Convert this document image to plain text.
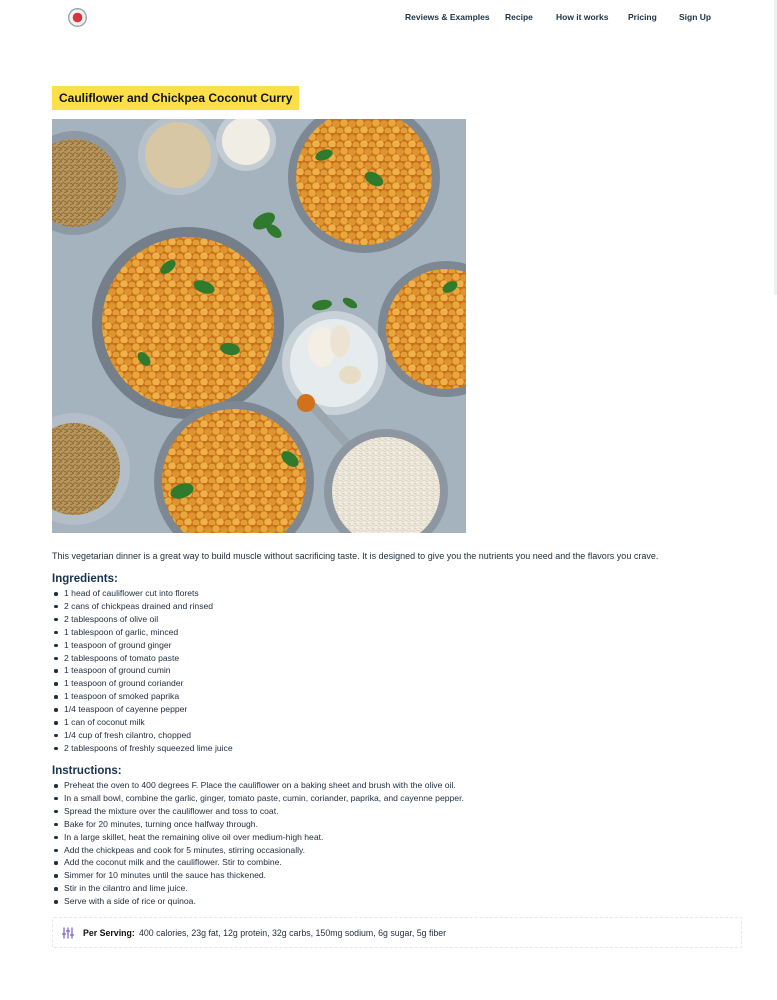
Reviews & Examples Recipe	How it works Pricing	Sign Up
Cauliflower and Chickpea Coconut Curry

This vegetarian dinner is a great way to build muscle without sacrificing taste. It is designed to give you the nutrients you need and the flavors you crave.

Ingredients:
1 head of cauliflower cut into florets
2 cans of chickpeas drained and rinsed
2 tablespoons of olive oil
1 tablespoon of garlic, minced
1 teaspoon of ground ginger
2 tablespoons of tomato paste
1 teaspoon of ground cumin
1 teaspoon of ground coriander
1 teaspoon of smoked paprika
1/4 teaspoon of cayenne pepper
1 can of coconut milk
1/4 cup of fresh cilantro, chopped
2 tablespoons of freshly squeezed lime juice
Instructions:
Preheat the oven to 400 degrees F. Place the cauliflower on a baking sheet and brush with the olive oil.
In a small bowl, combine the garlic, ginger, tomato paste, cumin, coriander, paprika, and cayenne pepper.
Spread the mixture over the cauliflower and toss to coat.
Bake for 20 minutes, turning once halfway through.
In a large skillet, heat the remaining olive oil over medium-high heat.
Add the chickpeas and cook for 5 minutes, stirring occasionally.
Add the coconut milk and the cauliflower. Stir to combine.
Simmer for 10 minutes until the sauce has thickened.
Stir in the cilantro and lime juice.
Serve with a side of rice or quinoa.
Per Serving: 400 calories, 23g fat, 12g protein, 32g carbs, 150mg sodium, 6g sugar, 5g fiber
